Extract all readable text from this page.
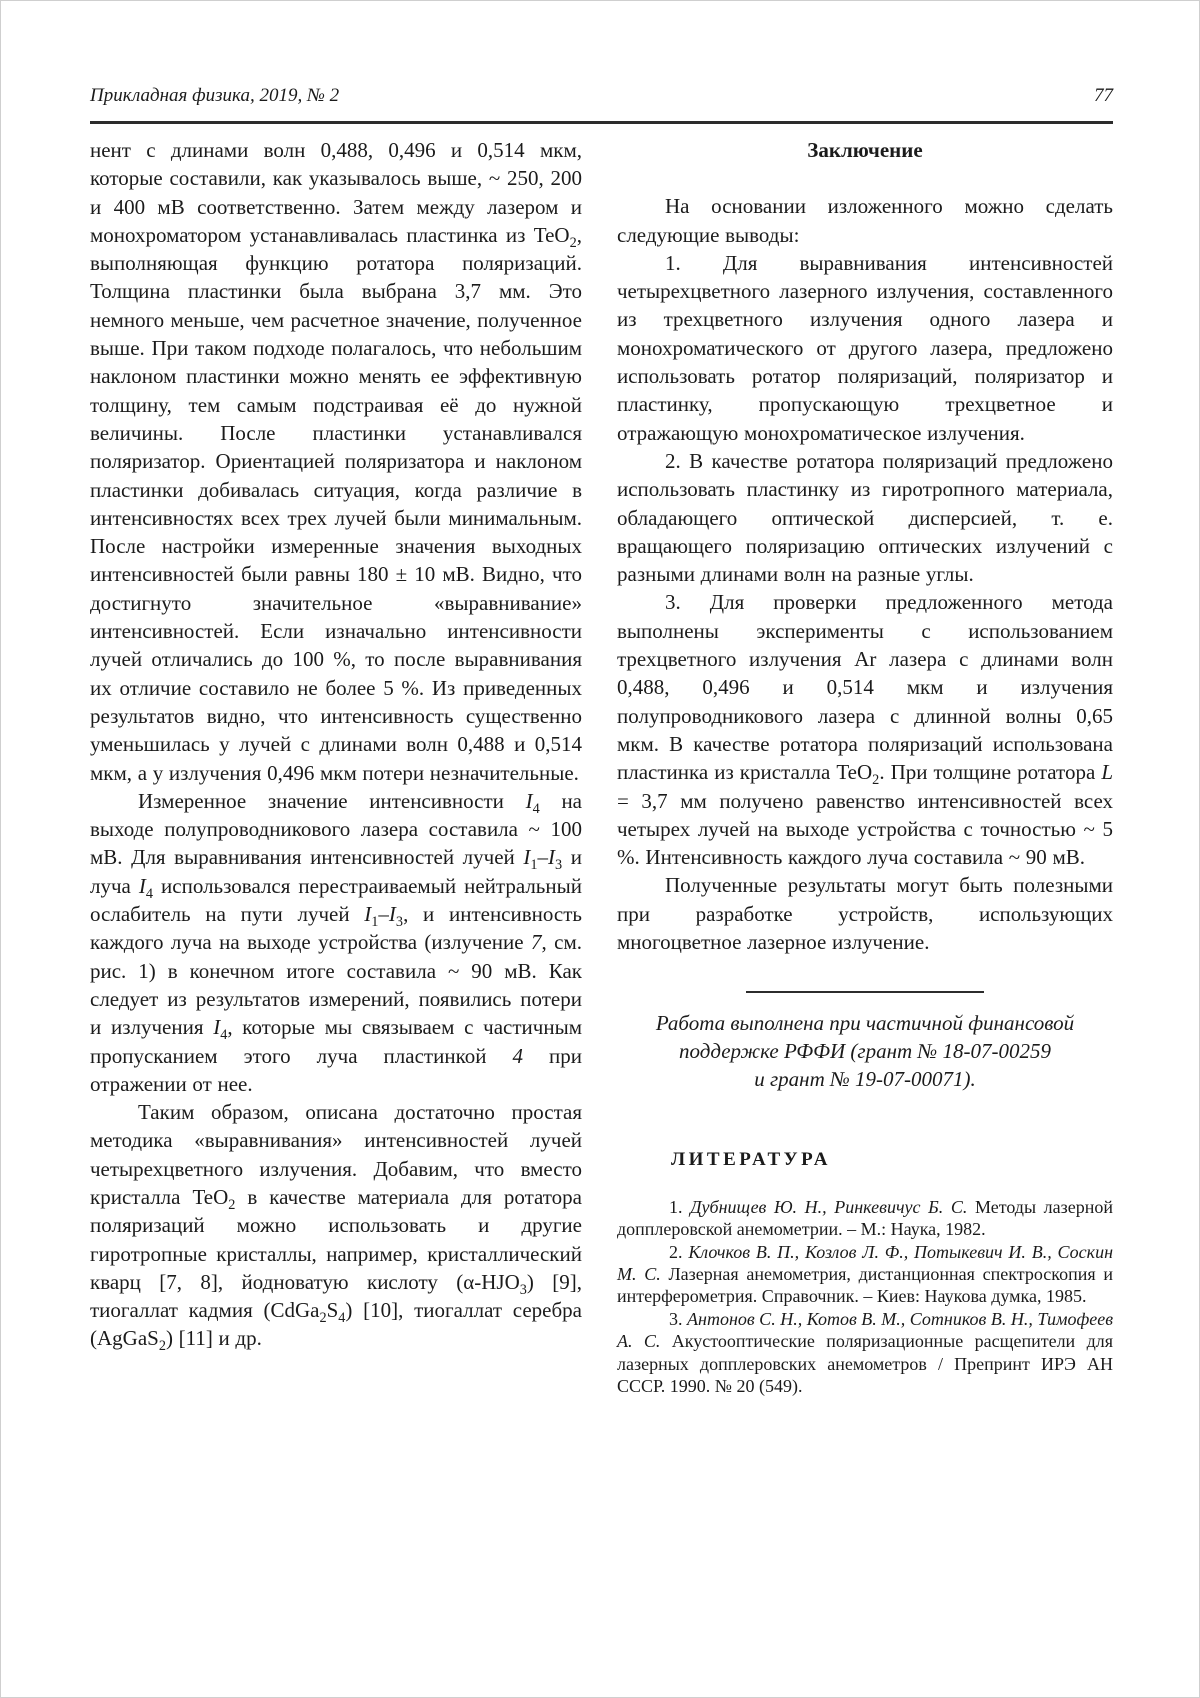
Прикладная физика, 2019, № 2	77

нент с длинами волн 0,488, 0,496 и 0,514 мкм, которые составили, как указывалось выше, ~ 250, 200 и 400 мВ соответственно. Затем между лазером и монохроматором устанавливалась пластинка из TeO$_2$, выполняющая функцию ротатора поляризаций. Толщина пластинки была выбрана 3,7 мм. Это немного меньше, чем расчетное значение, полученное выше. При таком подходе полагалось, что небольшим наклоном пластинки можно менять ее эффективную толщину, тем самым подстраивая её до нужной величины. После пластинки устанавливался поляризатор. Ориентацией поляризатора и наклоном пластинки добивалась ситуация, когда различие в интенсивностях всех трех лучей были минимальным. После настройки измеренные значения выходных интенсивностей были равны 180 ± 10 мВ. Видно, что достигнуто значительное «выравнивание» интенсивностей. Если изначально интенсивности лучей отличались до 100 %, то после выравнивания их отличие составило не более 5 %. Из приведенных результатов видно, что интенсивность существенно уменьшилась у лучей с длинами волн 0,488 и 0,514 мкм, а у излучения 0,496 мкм потери незначительные.

Измеренное значение интенсивности $I_4$ на выходе полупроводникового лазера составила ~ 100 мВ. Для выравнивания интенсивностей лучей $I_1-I_3$ и луча $I_4$ использовался перестраиваемый нейтральный ослабитель на пути лучей $I_1-I_3$, и интенсивность каждого луча на выходе устройства (излучение 7, см. рис. 1) в конечном итоге составила ~ 90 мВ. Как следует из результатов измерений, появились потери и излучения $I_4$, которые мы связываем с частичным пропусканием этого луча пластинкой 4 при отражении от нее.

Таким образом, описана достаточно простая методика «выравнивания» интенсивностей лучей четырехцветного излучения. Добавим, что вместо кристалла TeO$_2$ в качестве материала для ротатора поляризаций можно использовать и другие гиротропные кристаллы, например, кристаллический кварц [7, 8], йодноватую кислоту $(\alpha-HJO_3)$ [9], тиогаллат кадмия $(CdGa_2S_4)$ [10], тиогаллат серебра (AgGaS$_2$) [11] и др.

Заключение

На основании изложенного можно сделать следующие выводы:

1. Для выравнивания интенсивностей четырехцветного лазерного излучения, составленного из трехцветного излучения одного лазера и монохроматического от другого лазера, предложено использовать ротатор поляризаций, поляризатор и пластинку, пропускающую трехцветное и отражающую монохроматическое излучения.

2. В качестве ротатора поляризаций предложено использовать пластинку из гиротропного материала, обладающего оптической дисперсией, т. е. вращающего поляризацию оптических излучений с разными длинами волн на разные углы.

3. Для проверки предложенного метода выполнены эксперименты с использованием трехцветного излучения Ar лазера с длинами волн 0,488, 0,496 и 0,514 мкм и излучения полупроводникового лазера с длинной волны 0,65 мкм. В качестве ротатора поляризаций использована пластинка из кристалла TeO$_2$. При толщине ротатора L = 3,7 мм получено равенство интенсивностей всех четырех лучей на выходе устройства с точностью ~ 5 %. Интенсивность каждого луча составила ~ 90 мВ.

Полученные результаты могут быть полезными при разработке устройств, использующих многоцветное лазерное излучение.

Работа выполнена при частичной финансовой
поддержке РФФИ (грант № 18-07-00259
и грант № 19-07-00071).
ЛИТЕРАТУРА

1. Дубнищев Ю. Н., Ринкевичус Б. С. Методы лазерной допплеровской анемометрии. – М.: Наука, 1982.

2. Клочков В. П., Козлов Л. Ф., Потыкевич И. В., Соскин М. С. Лазерная анемометрия, дистанционная спектроскопия и интерферометрия. Справочник. – Киев: Наукова думка, 1985.

3. Антонов С. Н., Котов В. М., Сотников В. Н., Тимофеев А. С. Акустооптические поляризационные расщепители для лазерных допплеровских анемометров / Препринт ИРЭ АН СССР. 1990. № 20 (549).
